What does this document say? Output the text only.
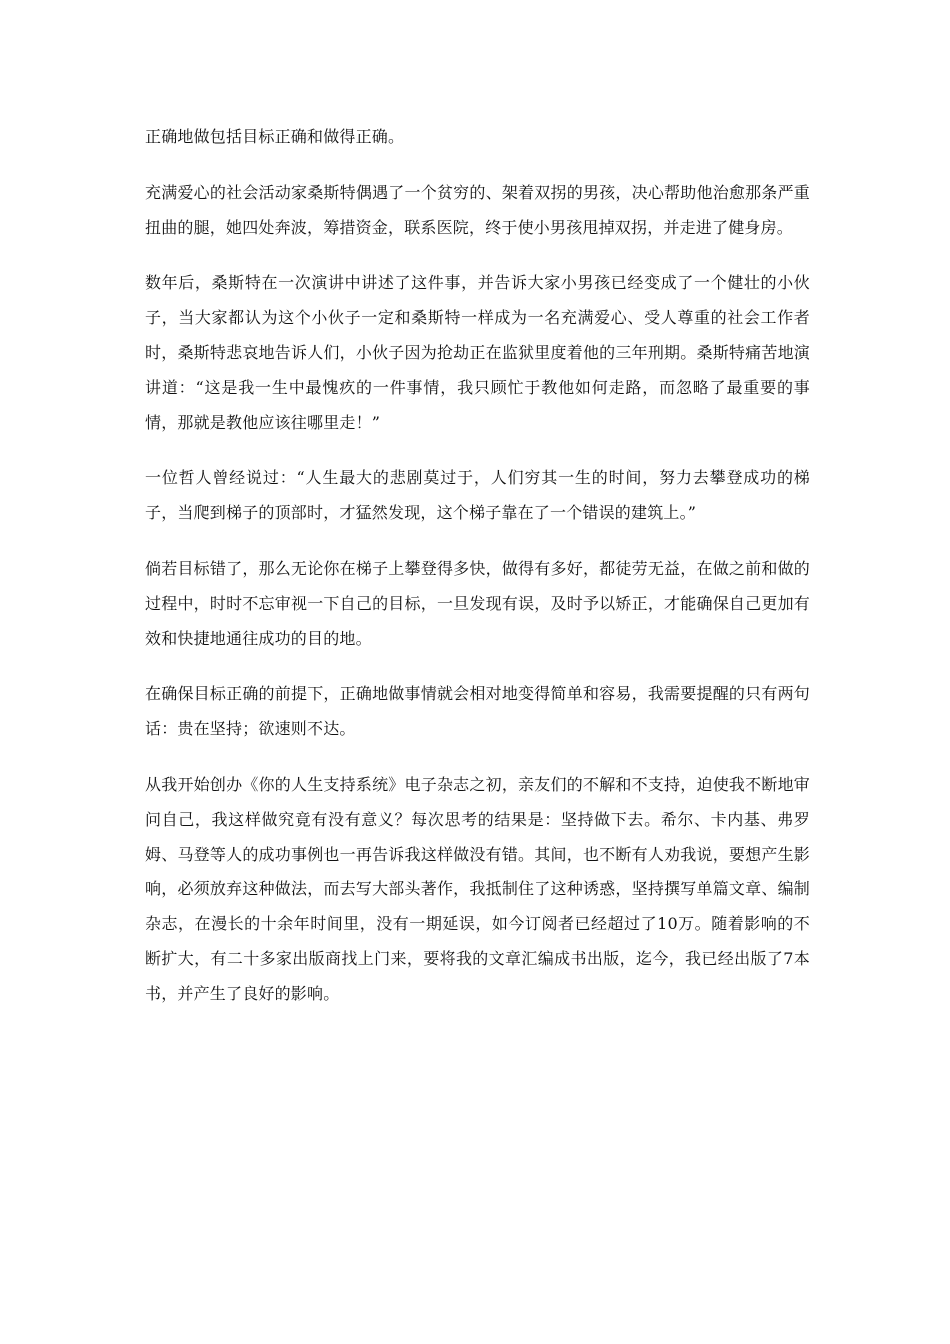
正确地做包括目标正确和做得正确。

充满爱心的社会活动家桑斯特偶遇了一个贫穷的、架着双拐的男孩，决心帮助他治愈那条严重扭曲的腿，她四处奔波，筹措资金，联系医院，终于使小男孩甩掉双拐，并走进了健身房。

数年后，桑斯特在一次演讲中讲述了这件事，并告诉大家小男孩已经变成了一个健壮的小伙子，当大家都认为这个小伙子一定和桑斯特一样成为一名充满爱心、受人尊重的社会工作者时，桑斯特悲哀地告诉人们，小伙子因为抢劫正在监狱里度着他的三年刑期。桑斯特痛苦地演讲道：“这是我一生中最愧疚的一件事情，我只顾忙于教他如何走路，而忽略了最重要的事情，那就是教他应该往哪里走！”

一位哲人曾经说过：“人生最大的悲剧莫过于，人们穷其一生的时间，努力去攀登成功的梯子，当爬到梯子的顶部时，才猛然发现，这个梯子靠在了一个错误的建筑上。”

倘若目标错了，那么无论你在梯子上攀登得多快，做得有多好，都徒劳无益，在做之前和做的过程中，时时不忘审视一下自己的目标，一旦发现有误，及时予以矫正，才能确保自己更加有效和快捷地通往成功的目的地。

在确保目标正确的前提下，正确地做事情就会相对地变得简单和容易，我需要提醒的只有两句话：贵在坚持；欲速则不达。

从我开始创办《你的人生支持系统》电子杂志之初，亲友们的不解和不支持，迫使我不断地审问自己，我这样做究竟有没有意义？每次思考的结果是：坚持做下去。希尔、卡内基、弗罗姆、马登等人的成功事例也一再告诉我这样做没有错。其间，也不断有人劝我说，要想产生影响，必须放弃这种做法，而去写大部头著作，我抵制住了这种诱惑，坚持撰写单篇文章、编制杂志，在漫长的十余年时间里，没有一期延误，如今订阅者已经超过了10万。随着影响的不断扩大，有二十多家出版商找上门来，要将我的文章汇编成书出版，迄今，我已经出版了7本书，并产生了良好的影响。
